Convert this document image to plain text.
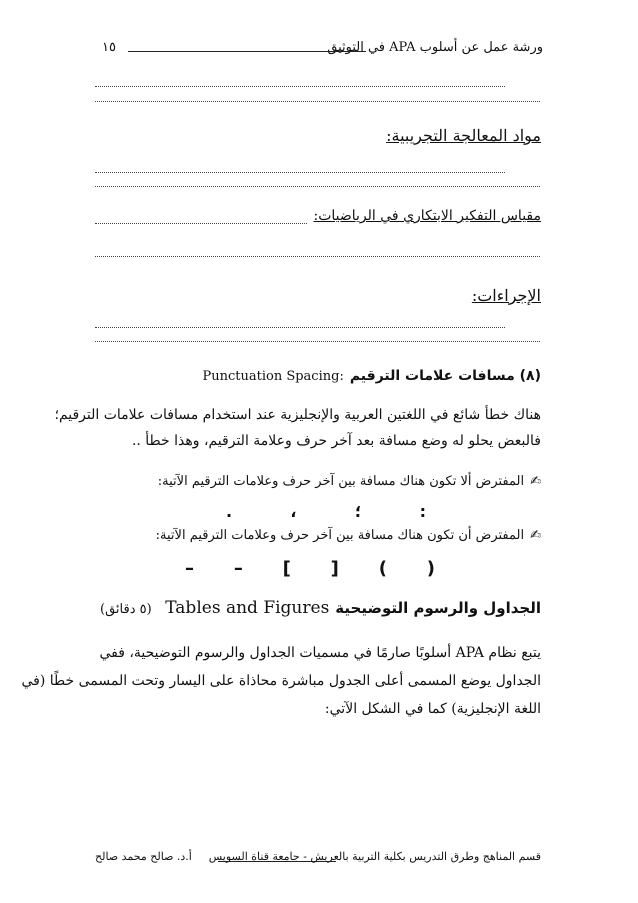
ورشة عمل عن أسلوب APA في التوثيق
١٥
مواد المعالجة التجريبية:
مقياس التفكير الابتكاري في الرياضيات:
الإجراءات:
(٨) مسافات علامات الترقيم
Punctuation Spacing:
هناك خطأ شائع في اللغتين العربية والإنجليزية عند استخدام مسافات علامات الترقيم؛
فالبعض يحلو له وضع مسافة بعد آخر حرف وعلامة الترقيم، وهذا خطأ ..
✍
المفترض ألا تكون هناك مسافة بين آخر حرف وعلامات الترقيم الآتية:
:
؛
،
.
✍
المفترض أن تكون هناك مسافة بين آخر حرف وعلامات الترقيم الآتية:
)
(
]
[
–
–
الجداول والرسوم التوضيحية
Tables and Figures
(٥ دقائق)
يتبع نظام APA أسلوبًا صارمًا في مسميات الجداول والرسوم التوضيحية، ففي
الجداول يوضع المسمى أعلى الجدول مباشرة محاذاة على اليسار وتحت المسمى خطًا (في
اللغة الإنجليزية) كما في الشكل الآتي:
قسم المناهج وطرق التدريس بكلية التربية بالعريش - جامعة قناة السويس
أ.د. صالح محمد صالح
